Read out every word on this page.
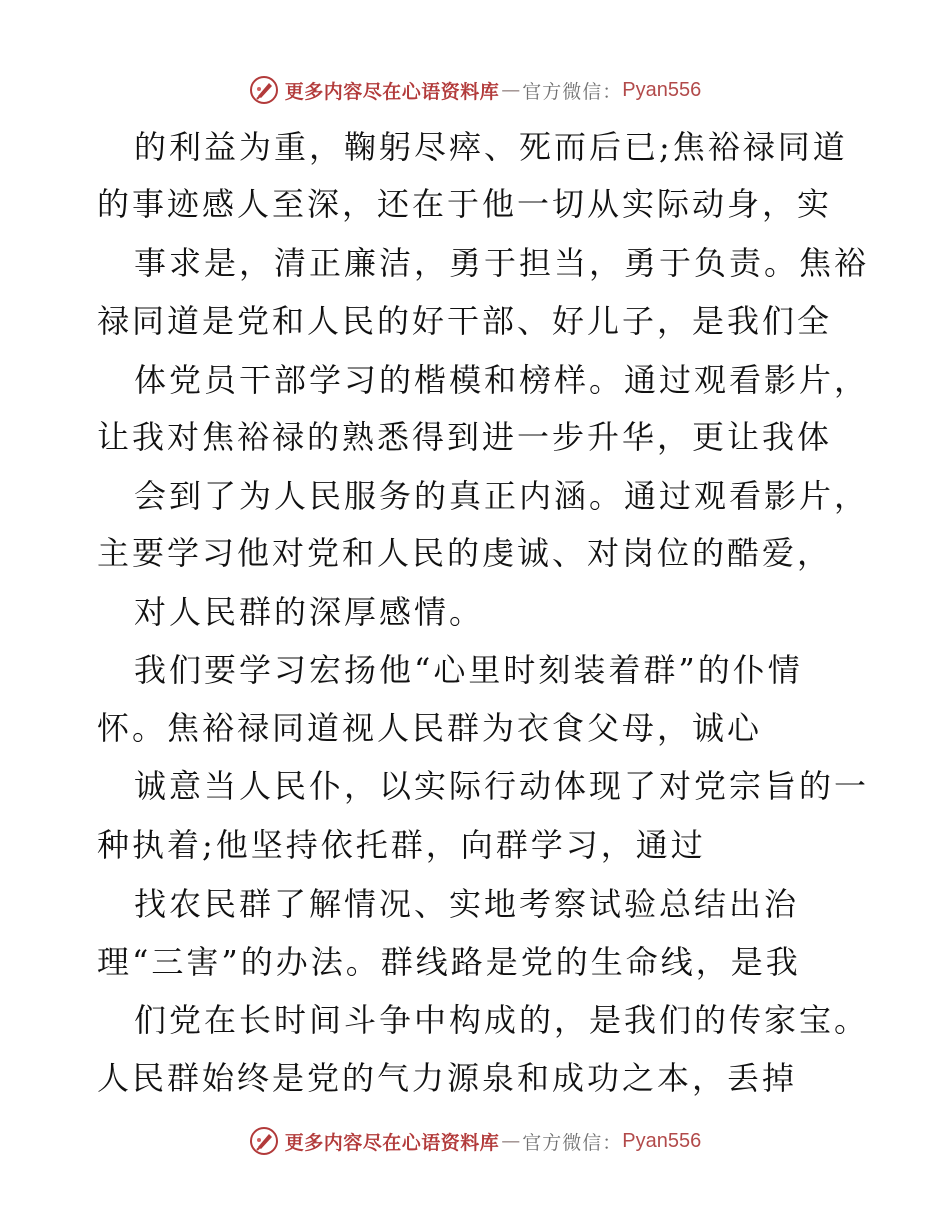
更多内容尽在心语资料库 — 官方微信： Pyan556
的利益为重，鞠躬尽瘁、死而后已;焦裕禄同道
的事迹感人至深，还在于他一切从实际动身，实
事求是，清正廉洁，勇于担当，勇于负责。焦裕
禄同道是党和人民的好干部、好儿子，是我们全
体党员干部学习的楷模和榜样。通过观看影片，
让我对焦裕禄的熟悉得到进一步升华，更让我体
会到了为人民服务的真正内涵。通过观看影片，
主要学习他对党和人民的虔诚、对岗位的酷爱，
对人民群的深厚感情。
我们要学习宏扬他“心里时刻装着群”的仆情
怀。焦裕禄同道视人民群为衣食父母，诚心
诚意当人民仆，以实际行动体现了对党宗旨的一
种执着;他坚持依托群，向群学习，通过
找农民群了解情况、实地考察试验总结出治
理“三害”的办法。群线路是党的生命线，是我
们党在长时间斗争中构成的，是我们的传家宝。
人民群始终是党的气力源泉和成功之本，丢掉
更多内容尽在心语资料库 — 官方微信： Pyan556
